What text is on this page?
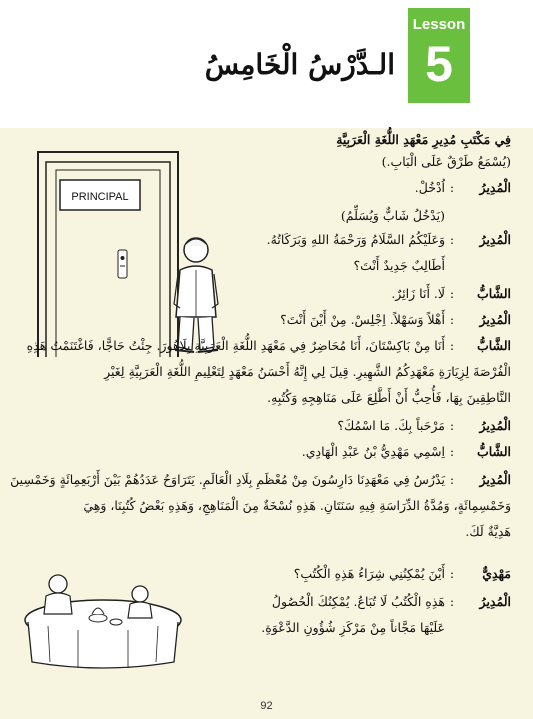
Lesson
5
الـدَّرْسُ الْخَامِسُ
PRINCIPAL
فِي مَكْتَبِ مُدِيرِ مَعْهَدِ اللُّغَةِ الْعَرَبِيَّةِ
(يُسْمَعُ طَرْقٌ عَلَى الْبَابِ.)
الْمُدِيرُ:اُدْخُلْ.
(يَدْخُلُ شَابٌّ وَيُسَلِّمُ)
الْمُدِيرُ:وَعَلَيْكُمُ السَّلَامُ وَرَحْمَةُ اللهِ وَبَرَكَاتُهُ.
أَطَالِبٌ جَدِيدٌ أَنْتَ؟
الشَّابُّ:لَا. أَنَا زَائِرٌ.
الْمُدِيرُ:أَهْلاً وَسَهْلاً. اِجْلِسْ. مِنْ أَيْنَ أَنْتَ؟
الشَّابُّ:أَنَا مِنْ بَاكِسْتَانَ، أَنَا مُحَاضِرٌ فِي مَعْهَدِ اللُّغَةِ الْعَرَبِيَّةِ بِلَاهُورَ. جِئْتُ حَاجًّا، فَاغْتَنَمْتُ هَذِهِ
الْفُرْصَةَ لِزِيَارَةِ مَعْهَدِكُمُ الشَّهِيرِ. قِيلَ لِي إِنَّهُ أَحْسَنُ مَعْهَدٍ لِتَعْلِيمِ اللُّغَةِ الْعَرَبِيَّةِ لِغَيْرِ
النَّاطِقِينَ بِهَا، فَأُحِبُّ أَنْ أَطَّلِعَ عَلَى مَنَاهِجِهِ وَكُتُبِهِ.
الْمُدِيرُ:مَرْحَباً بِكَ. مَا اسْمُكَ؟
الشَّابُّ:اِسْمِي مَهْدِيُّ بْنُ عَبْدِ الْهَادِي.
الْمُدِيرُ:يَدْرُسُ فِي مَعْهَدِنَا دَارِسُونَ مِنْ مُعْظَمِ بِلَادِ الْعَالَمِ. يَتَرَاوَحُ عَدَدُهُمْ بَيْنَ أَرْبَعِمِائَةٍ وَخَمْسِينَ
وَخَمْسِمِائَةٍ، وَمُدَّةُ الدِّرَاسَةِ فِيهِ سَنَتَانِ. هَذِهِ نُسْخَةٌ مِنَ الْمَنَاهِجِ، وَهَذِهِ بَعْضُ كُتُبِنَا، وَهِيَ
هَدِيَّةٌ لَكَ.
مَهْدِيٌّ:أَيْنَ يُمْكِنُنِي شِرَاءُ هَذِهِ الْكُتُبِ؟
الْمُدِيرُ:هَذِهِ الْكُتُبُ لَا تُبَاعُ. يُمْكِنُكَ الْحُصُولُ
عَلَيْهَا مَجَّاناً مِنْ مَرْكَزِ شُؤُونِ الدَّعْوَةِ.
92
